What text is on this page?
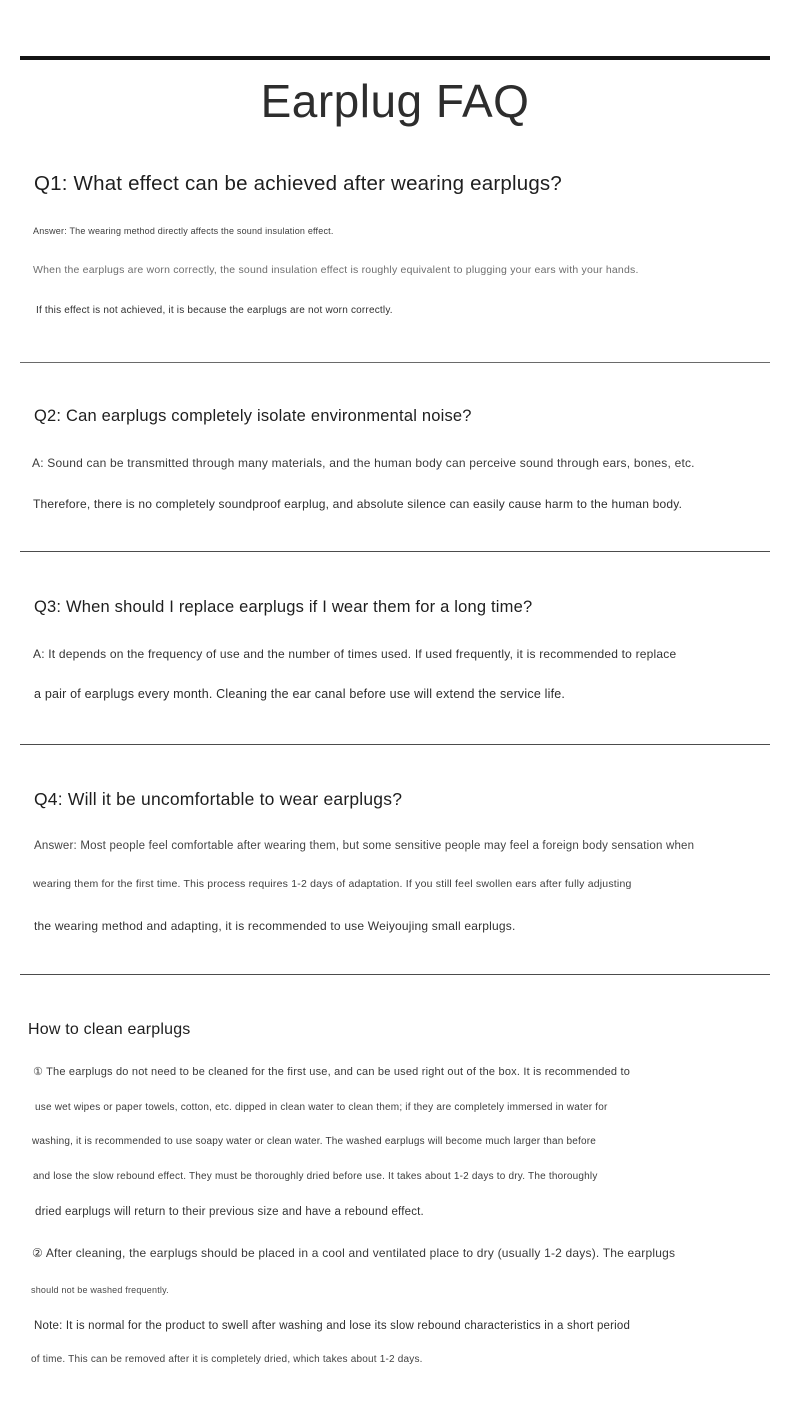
Earplug FAQ
Q1: What effect can be achieved after wearing earplugs?

Answer: The wearing method directly affects the sound insulation effect.

When the earplugs are worn correctly, the sound insulation effect is roughly equivalent to plugging your ears with your hands.

If this effect is not achieved, it is because the earplugs are not worn correctly.

Q2: Can earplugs completely isolate environmental noise?

A: Sound can be transmitted through many materials, and the human body can perceive sound through ears, bones, etc.

Therefore, there is no completely soundproof earplug, and absolute silence can easily cause harm to the human body.

Q3: When should I replace earplugs if I wear them for a long time?

A: It depends on the frequency of use and the number of times used. If used frequently, it is recommended to replace

a pair of earplugs every month. Cleaning the ear canal before use will extend the service life.

Q4: Will it be uncomfortable to wear earplugs?

Answer: Most people feel comfortable after wearing them, but some sensitive people may feel a foreign body sensation when

wearing them for the first time. This process requires 1-2 days of adaptation. If you still feel swollen ears after fully adjusting

the wearing method and adapting, it is recommended to use Weiyoujing small earplugs.

How to clean earplugs

① The earplugs do not need to be cleaned for the first use, and can be used right out of the box. It is recommended to

use wet wipes or paper towels, cotton, etc. dipped in clean water to clean them; if they are completely immersed in water for

washing, it is recommended to use soapy water or clean water. The washed earplugs will become much larger than before

and lose the slow rebound effect. They must be thoroughly dried before use. It takes about 1-2 days to dry. The thoroughly

dried earplugs will return to their previous size and have a rebound effect.

② After cleaning, the earplugs should be placed in a cool and ventilated place to dry (usually 1-2 days). The earplugs

should not be washed frequently.

Note: It is normal for the product to swell after washing and lose its slow rebound characteristics in a short period

of time. This can be removed after it is completely dried, which takes about 1-2 days.
